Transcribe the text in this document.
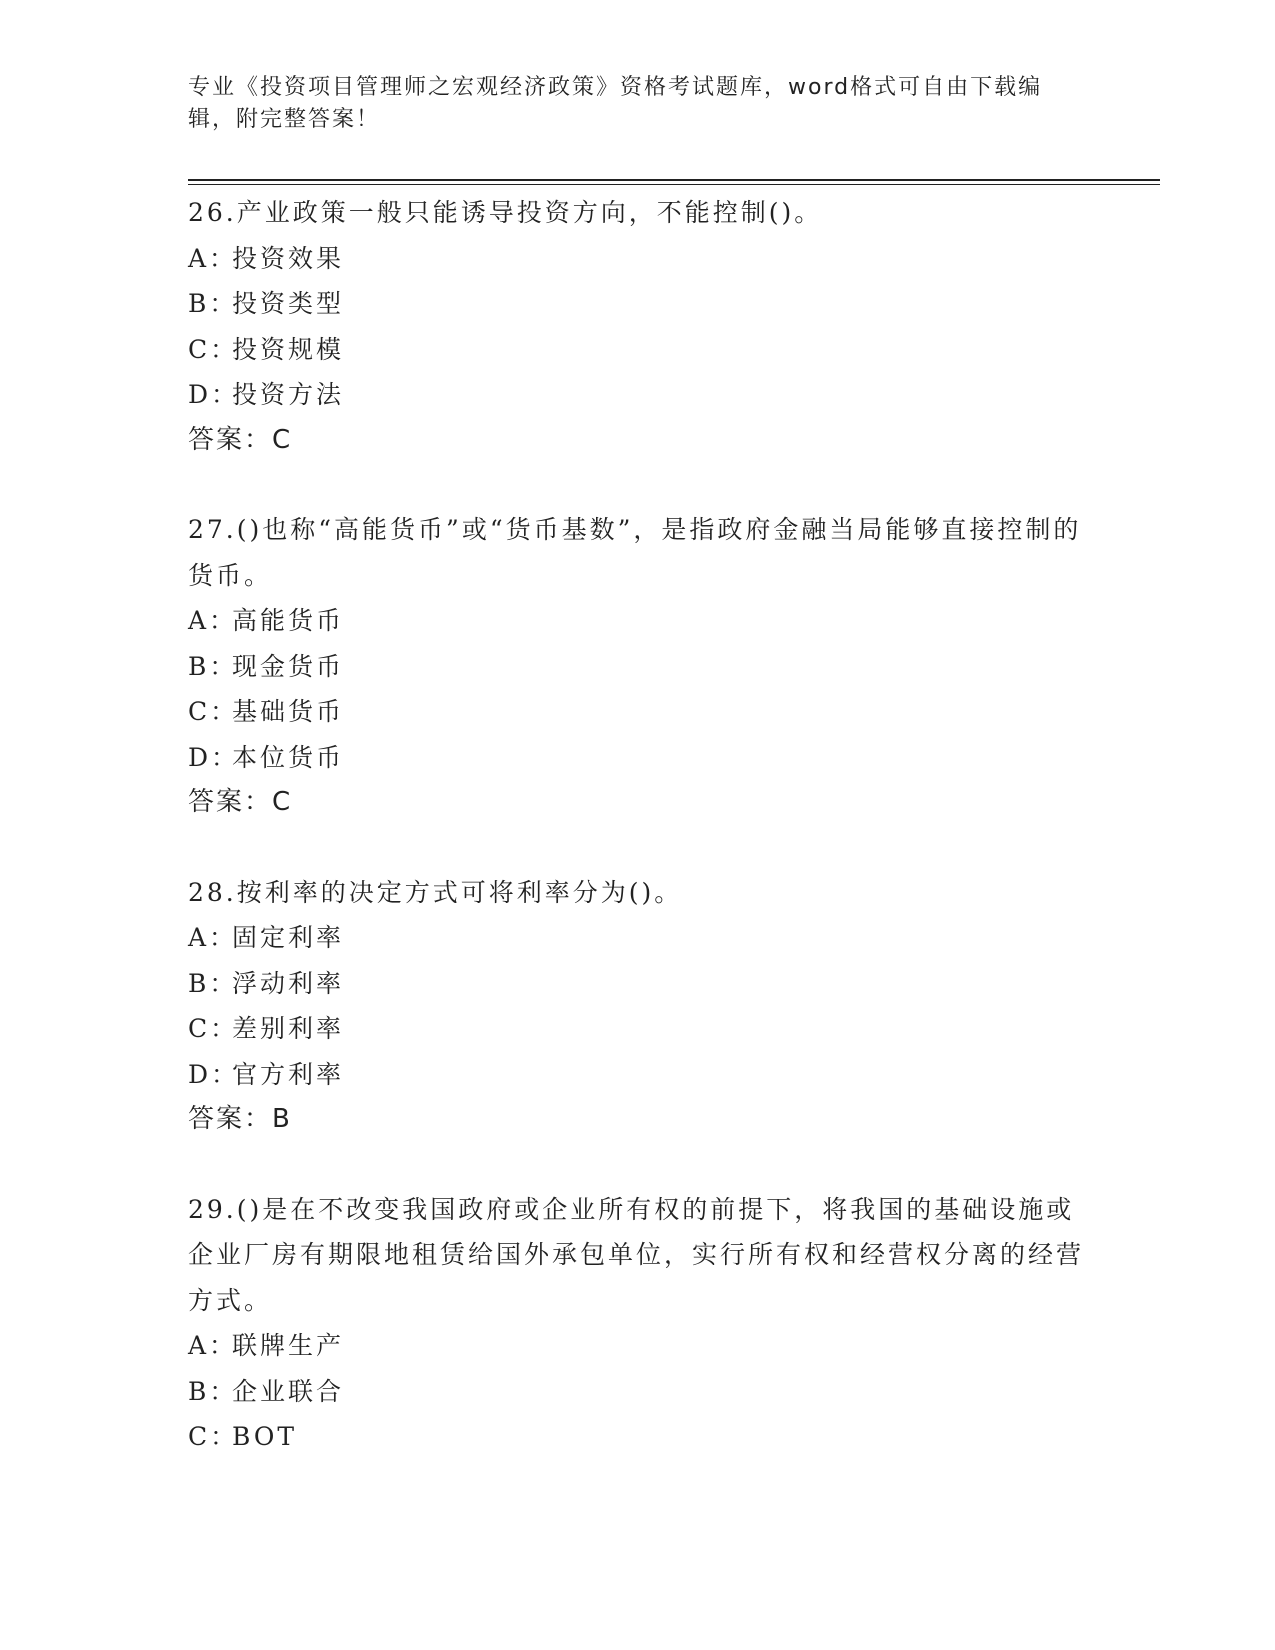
专业《投资项目管理师之宏观经济政策》资格考试题库，word格式可自由下载编辑，附完整答案！

26.产业政策一般只能诱导投资方向，不能控制()。

A：投资效果

B：投资类型

C：投资规模

D：投资方法

答案：C

27.()也称“高能货币”或“货币基数”，是指政府金融当局能够直接控制的货币。

A：高能货币

B：现金货币

C：基础货币

D：本位货币

答案：C

28.按利率的决定方式可将利率分为()。

A：固定利率

B：浮动利率

C：差别利率

D：官方利率

答案：B

29.()是在不改变我国政府或企业所有权的前提下，将我国的基础设施或企业厂房有期限地租赁给国外承包单位，实行所有权和经营权分离的经营方式。

A：联牌生产

B：企业联合

C：BOT
